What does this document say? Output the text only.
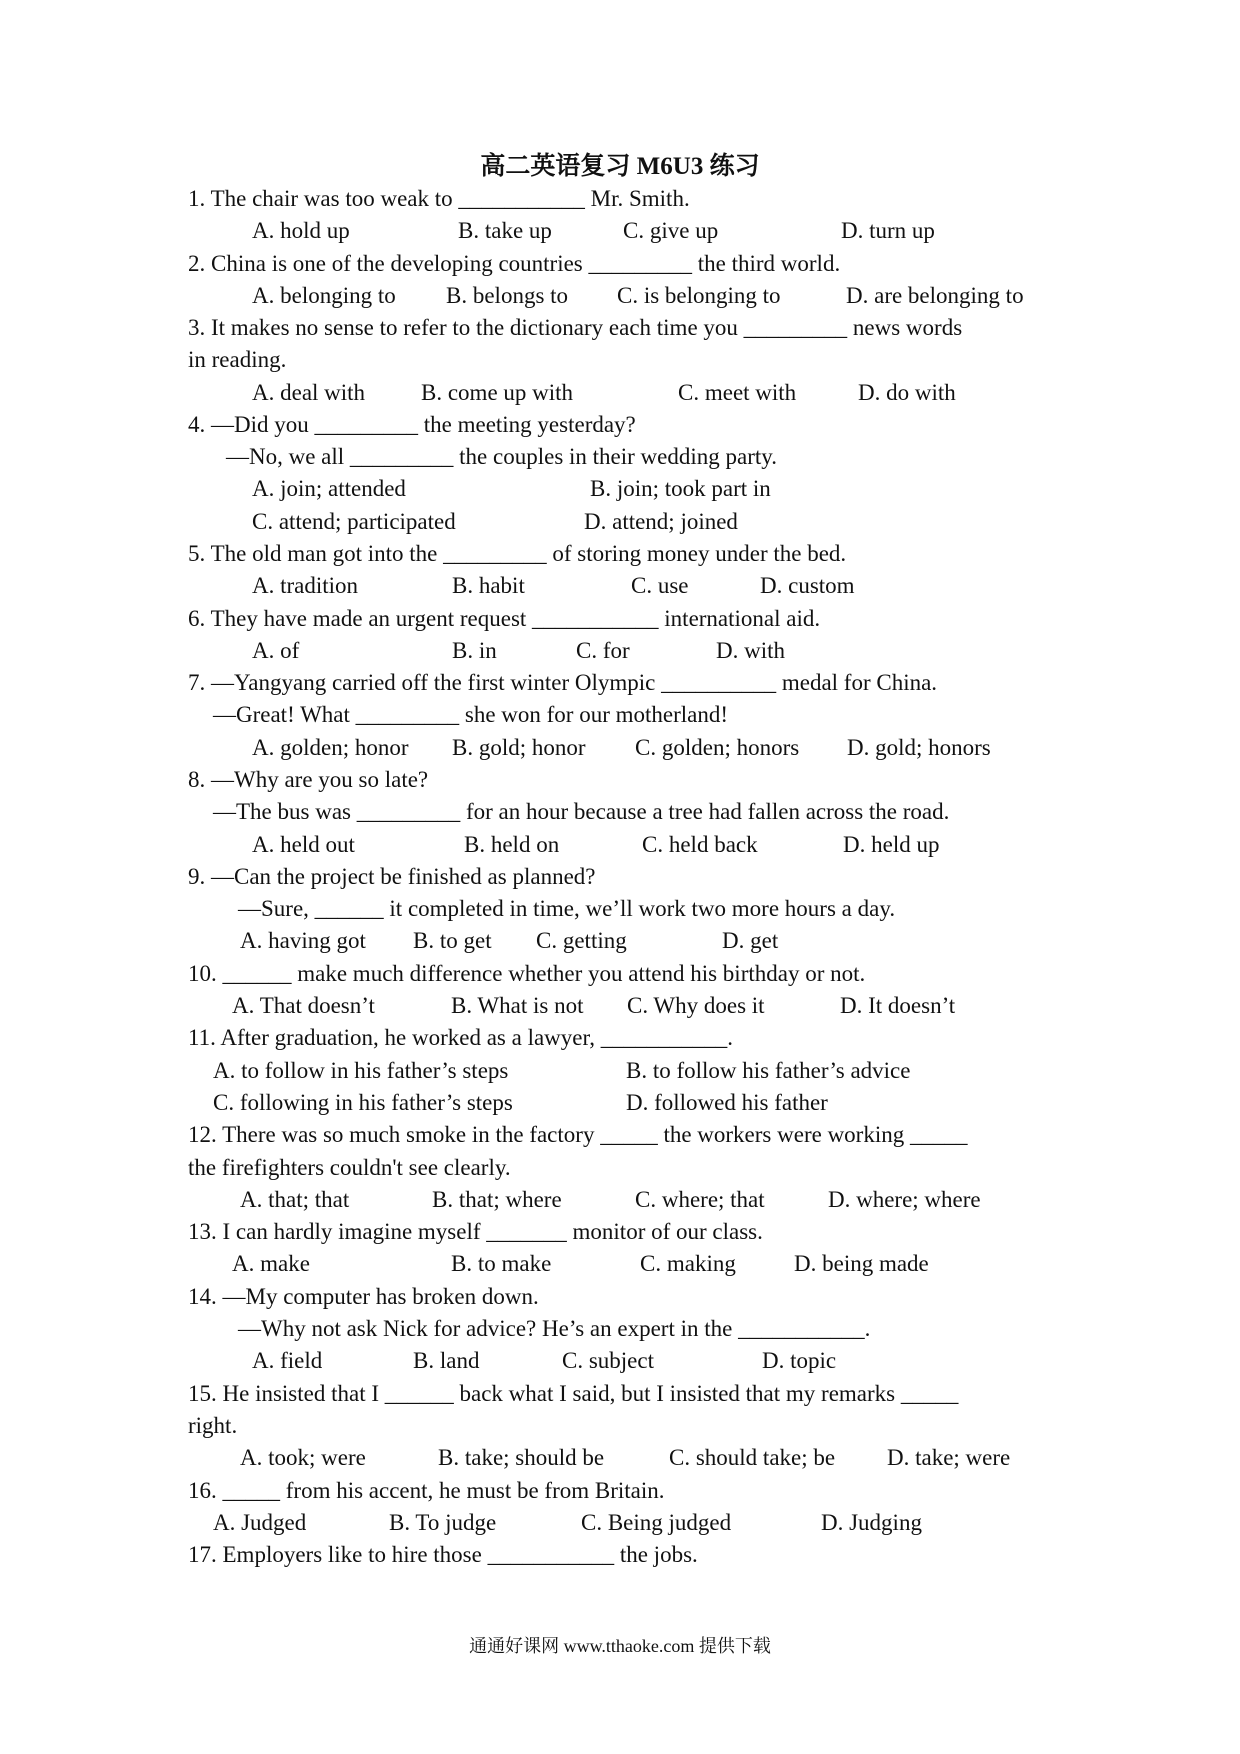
高二英语复习 M6U3 练习
1. The chair was too weak to ___________ Mr. Smith.
A. hold up	B. take up	C. give up	D. turn up
2. China is one of the developing countries _________ the third world.
A. belonging to B. belongs to C. is belonging to	D. are belonging to
3. It makes no sense to refer to the dictionary each time you _________ news words
in reading.
A. deal with B. come up with	C. meet with	D. do with
4. —Did you _________ the meeting yesterday?
—No, we all _________ the couples in their wedding party.
A. join; attended	B. join; took part in
C. attend; participated	D. attend; joined
5. The old man got into the _________ of storing money under the bed.
A. tradition	B. habit	C. use	D. custom
6. They have made an urgent request ___________ international aid.
A. of	B. in	C. for	D. with
7. —Yangyang carried off the first winter Olympic __________ medal for China.
—Great! What _________ she won for our motherland!
A. golden; honor B. gold; honor C. golden; honors D. gold; honors
8. —Why are you so late?
—The bus was _________ for an hour because a tree had fallen across the road.
A. held out	B. held on	C. held back	D. held up
9. —Can the project be finished as planned?
—Sure, ______ it completed in time, we’ll work two more hours a day.
A. having got B. to get C. getting	D. get
10. ______ make much difference whether you attend his birthday or not.
A. That doesn’t	B. What is not C. Why does it	D. It doesn’t
11. After graduation, he worked as a lawyer, ___________.
A. to follow in his father’s steps	B. to follow his father’s advice
C. following in his father’s steps	D. followed his father
12. There was so much smoke in the factory _____ the workers were working _____
the firefighters couldn't see clearly.
A. that; that	B. that; where	C. where; that	D. where; where
13. I can hardly imagine myself _______ monitor of our class.
A. make	B. to make	C. making	D. being made
14. —My computer has broken down.
—Why not ask Nick for advice? He’s an expert in the ___________.
A. field	B. land	C. subject	D. topic
15. He insisted that I ______ back what I said, but I insisted that my remarks _____
right.
A. took; were	B. take; should be	C. should take; be D. take; were
16. _____ from his accent, he must be from Britain.
A. Judged	B. To judge	C. Being judged	D. Judging
17. Employers like to hire those ___________ the jobs.
通通好课网 www.tthaoke.com 提供下载
